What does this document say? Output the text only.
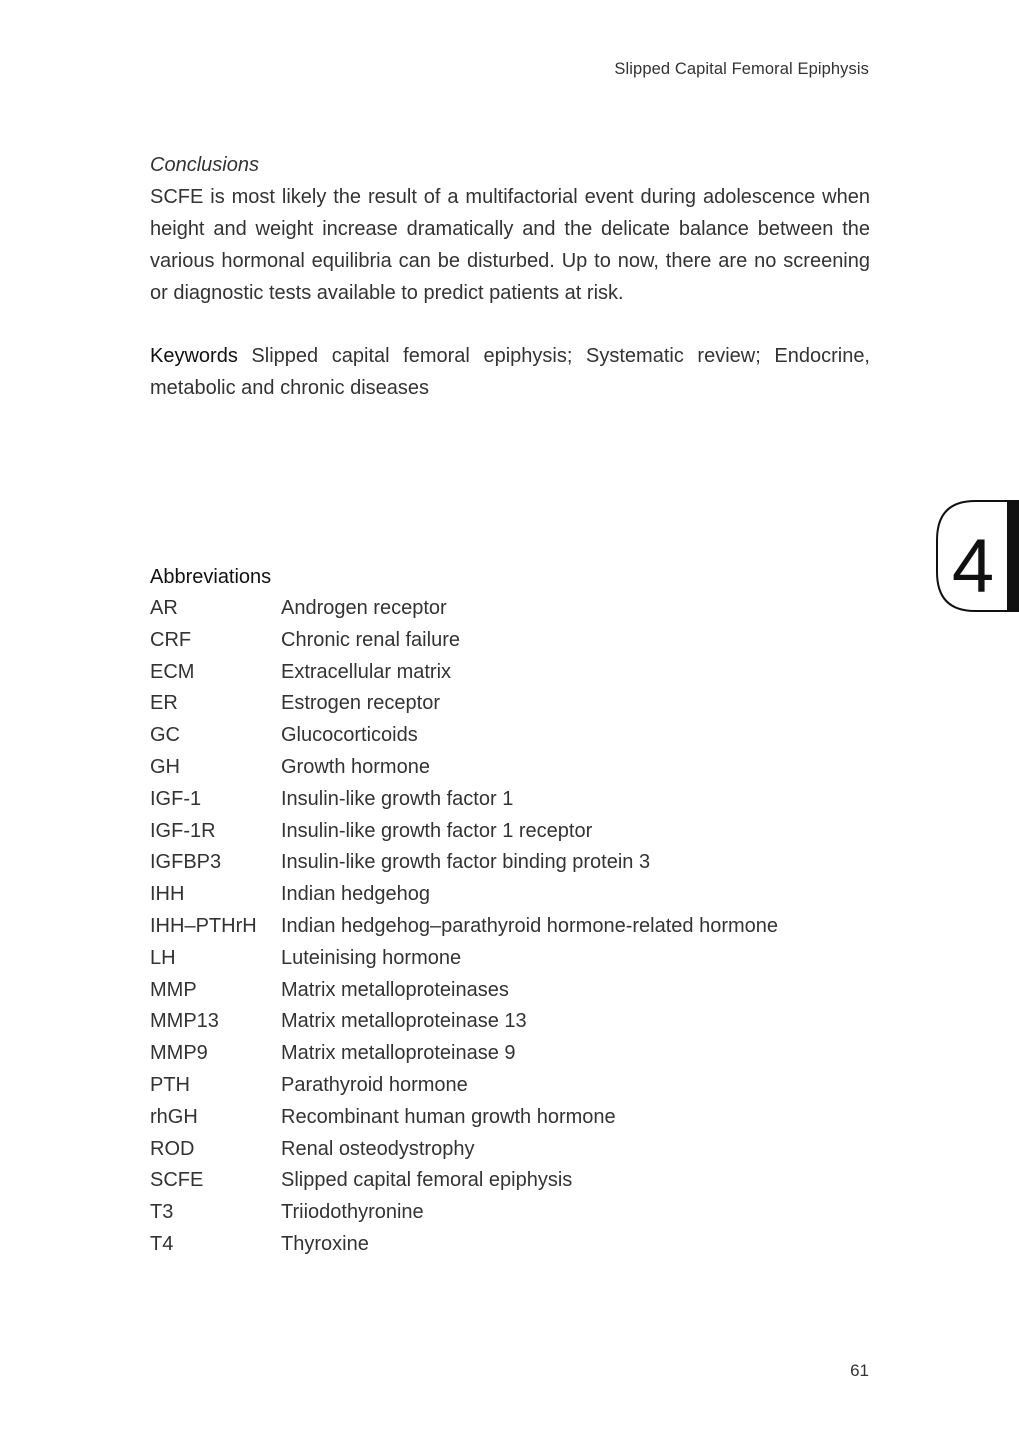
Slipped Capital Femoral Epiphysis
Conclusions

SCFE is most likely the result of a multifactorial event during adolescence when height and weight increase dramatically and the delicate balance between the various hormonal equilibria can be disturbed. Up to now, there are no screening or diagnostic tests available to predict patients at risk.

Keywords Slipped capital femoral epiphysis; Systematic review; Endocrine, metabolic and chronic diseases
Abbreviations
AR	Androgen receptor
CRF	Chronic renal failure
ECM	Extracellular matrix
ER	Estrogen receptor
GC	Glucocorticoids
GH	Growth hormone
IGF-1	Insulin-like growth factor 1
IGF-1R	Insulin-like growth factor 1 receptor
IGFBP3	Insulin-like growth factor binding protein 3
IHH	Indian hedgehog
IHH–PTHrH	Indian hedgehog–parathyroid hormone-related hormone
LH	Luteinising hormone
MMP	Matrix metalloproteinases
MMP13	Matrix metalloproteinase 13
MMP9	Matrix metalloproteinase 9
PTH	Parathyroid hormone
rhGH	Recombinant human growth hormone
ROD	Renal osteodystrophy
SCFE	Slipped capital femoral epiphysis
T3	Triiodothyronine
T4	Thyroxine
4
61
